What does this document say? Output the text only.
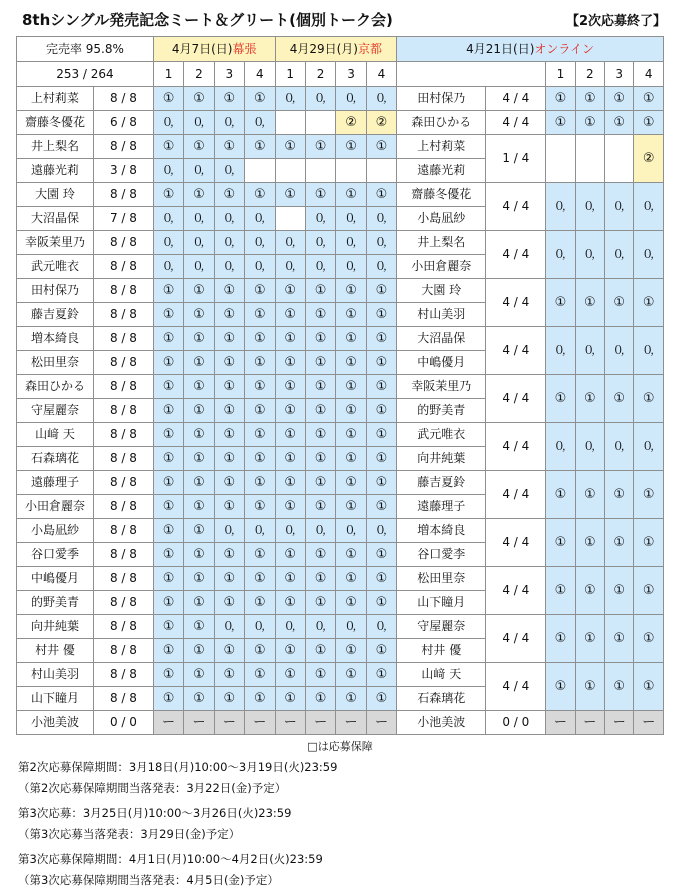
8thシングル発売記念ミート＆グリート(個別トーク会)	【2次応募終了】
完売率 95.8%		4月7日(日)幕張				4月29日(月)京都				4月21日(日)オンライン					
253 / 264		1	2	3	4	1	2	3	4			1	2	3	4
上村莉菜	8 / 8	①	①	①	①	🄁	🄁	🄁	🄁	田村保乃	4 / 4	①	①	①	①
齋藤冬優花	6 / 8	🄁	🄁	🄁	🄁			②	②	森田ひかる	4 / 4	①	①	①	①
井上梨名	8 / 8	①	①	①	①	①	①	①	①	上村莉菜	1 / 4				②
遠藤光莉	3 / 8	🄁	🄁	🄁						遠藤光莉					
大園 玲	8 / 8	①	①	①	①	①	①	①	①	齋藤冬優花	4 / 4	🄁	🄁	🄁	🄁
大沼晶保	7 / 8	🄁	🄁	🄁	🄁		🄁	🄁	🄁	小島凪紗					
幸阪茉里乃	8 / 8	🄁	🄁	🄁	🄁	🄁	🄁	🄁	🄁	井上梨名	4 / 4	🄁	🄁	🄁	🄁
武元唯衣	8 / 8	🄁	🄁	🄁	🄁	🄁	🄁	🄁	🄁	小田倉麗奈					
田村保乃	8 / 8	①	①	①	①	①	①	①	①	大園 玲	4 / 4	①	①	①	①
藤吉夏鈴	8 / 8	①	①	①	①	①	①	①	①	村山美羽					
増本綺良	8 / 8	①	①	①	①	①	①	①	①	大沼晶保	4 / 4	🄁	🄁	🄁	🄁
松田里奈	8 / 8	①	①	①	①	①	①	①	①	中嶋優月					
森田ひかる	8 / 8	①	①	①	①	①	①	①	①	幸阪茉里乃	4 / 4	①	①	①	①
守屋麗奈	8 / 8	①	①	①	①	①	①	①	①	的野美青					
山﨑 天	8 / 8	①	①	①	①	①	①	①	①	武元唯衣	4 / 4	🄁	🄁	🄁	🄁
石森璃花	8 / 8	①	①	①	①	①	①	①	①	向井純葉					
遠藤理子	8 / 8	①	①	①	①	①	①	①	①	藤吉夏鈴	4 / 4	①	①	①	①
小田倉麗奈	8 / 8	①	①	①	①	①	①	①	①	遠藤理子					
小島凪紗	8 / 8	①	①	🄁	🄁	🄁	🄁	🄁	🄁	増本綺良	4 / 4	①	①	①	①
谷口愛季	8 / 8	①	①	①	①	①	①	①	①	谷口愛李					
中嶋優月	8 / 8	①	①	①	①	①	①	①	①	松田里奈	4 / 4	①	①	①	①
的野美青	8 / 8	①	①	①	①	①	①	①	①	山下瞳月					
向井純葉	8 / 8	①	①	🄁	🄁	🄁	🄁	🄁	🄁	守屋麗奈	4 / 4	①	①	①	①
村井 優	8 / 8	①	①	①	①	①	①	①	①	村井 優					
村山美羽	8 / 8	①	①	①	①	①	①	①	①	山﨑 天	4 / 4	①	①	①	①
山下瞳月	8 / 8	①	①	①	①	①	①	①	①	石森璃花					
小池美波	0 / 0	ー	ー	ー	ー	ー	ー	ー	ー	小池美波	0 / 0	ー	ー	ー	ー
□は応募保障
第2次応募保障期間：3月18日(月)10:00～3月19日(火)23:59
（第2次応募保障期間当落発表：3月22日(金)予定）
第3次応募：3月25日(月)10:00～3月26日(火)23:59
（第3次応募当落発表：3月29日(金)予定）
第3次応募保障期間：4月1日(月)10:00～4月2日(火)23:59
（第3次応募保障期間当落発表：4月5日(金)予定）
